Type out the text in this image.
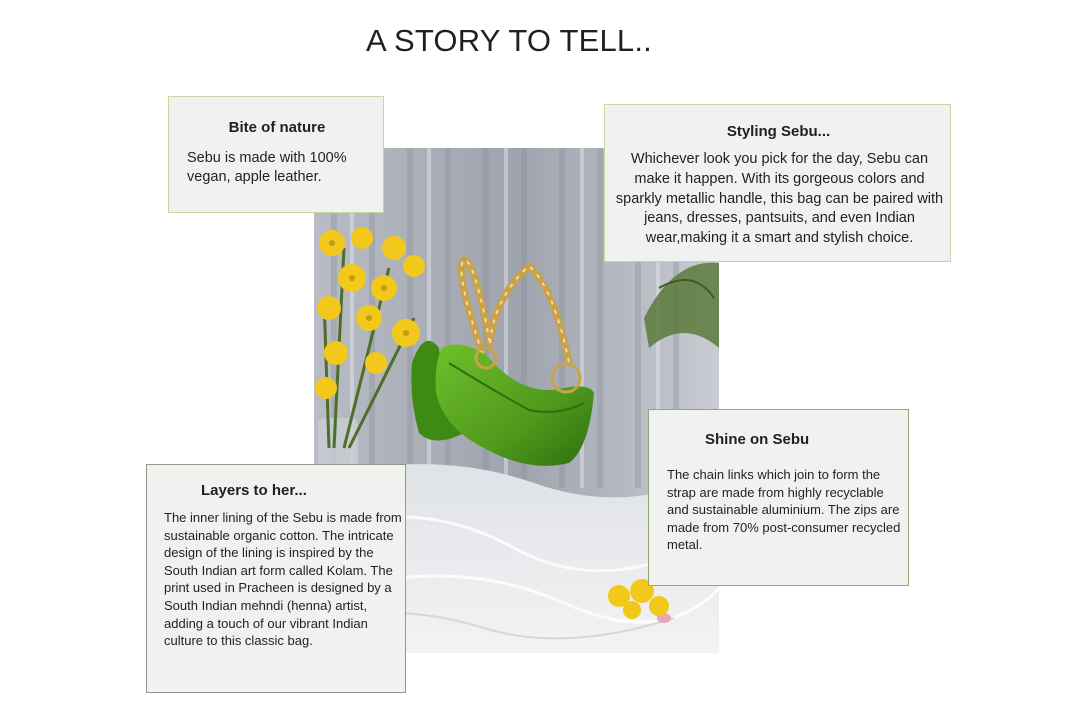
A STORY TO TELL..
Bite of nature

Sebu is made with 100% vegan, apple leather.

Styling Sebu...

Whichever look you pick for the day, Sebu can make it happen. With its gorgeous colors and sparkly metallic handle, this bag can be paired with jeans, dresses, pantsuits, and even Indian wear,making it a smart and stylish choice.

Shine on Sebu

The chain links which join to form the strap are made from highly recyclable and sustainable aluminium. The zips are made from 70% post-consumer recycled metal.

Layers to her...

The inner lining of the Sebu is made from sustainable organic cotton. The intricate design of the lining is inspired by the South Indian art form called Kolam. The print used in Pracheen is designed by a South Indian mehndi (henna) artist, adding a touch of our vibrant Indian culture to this classic bag.
